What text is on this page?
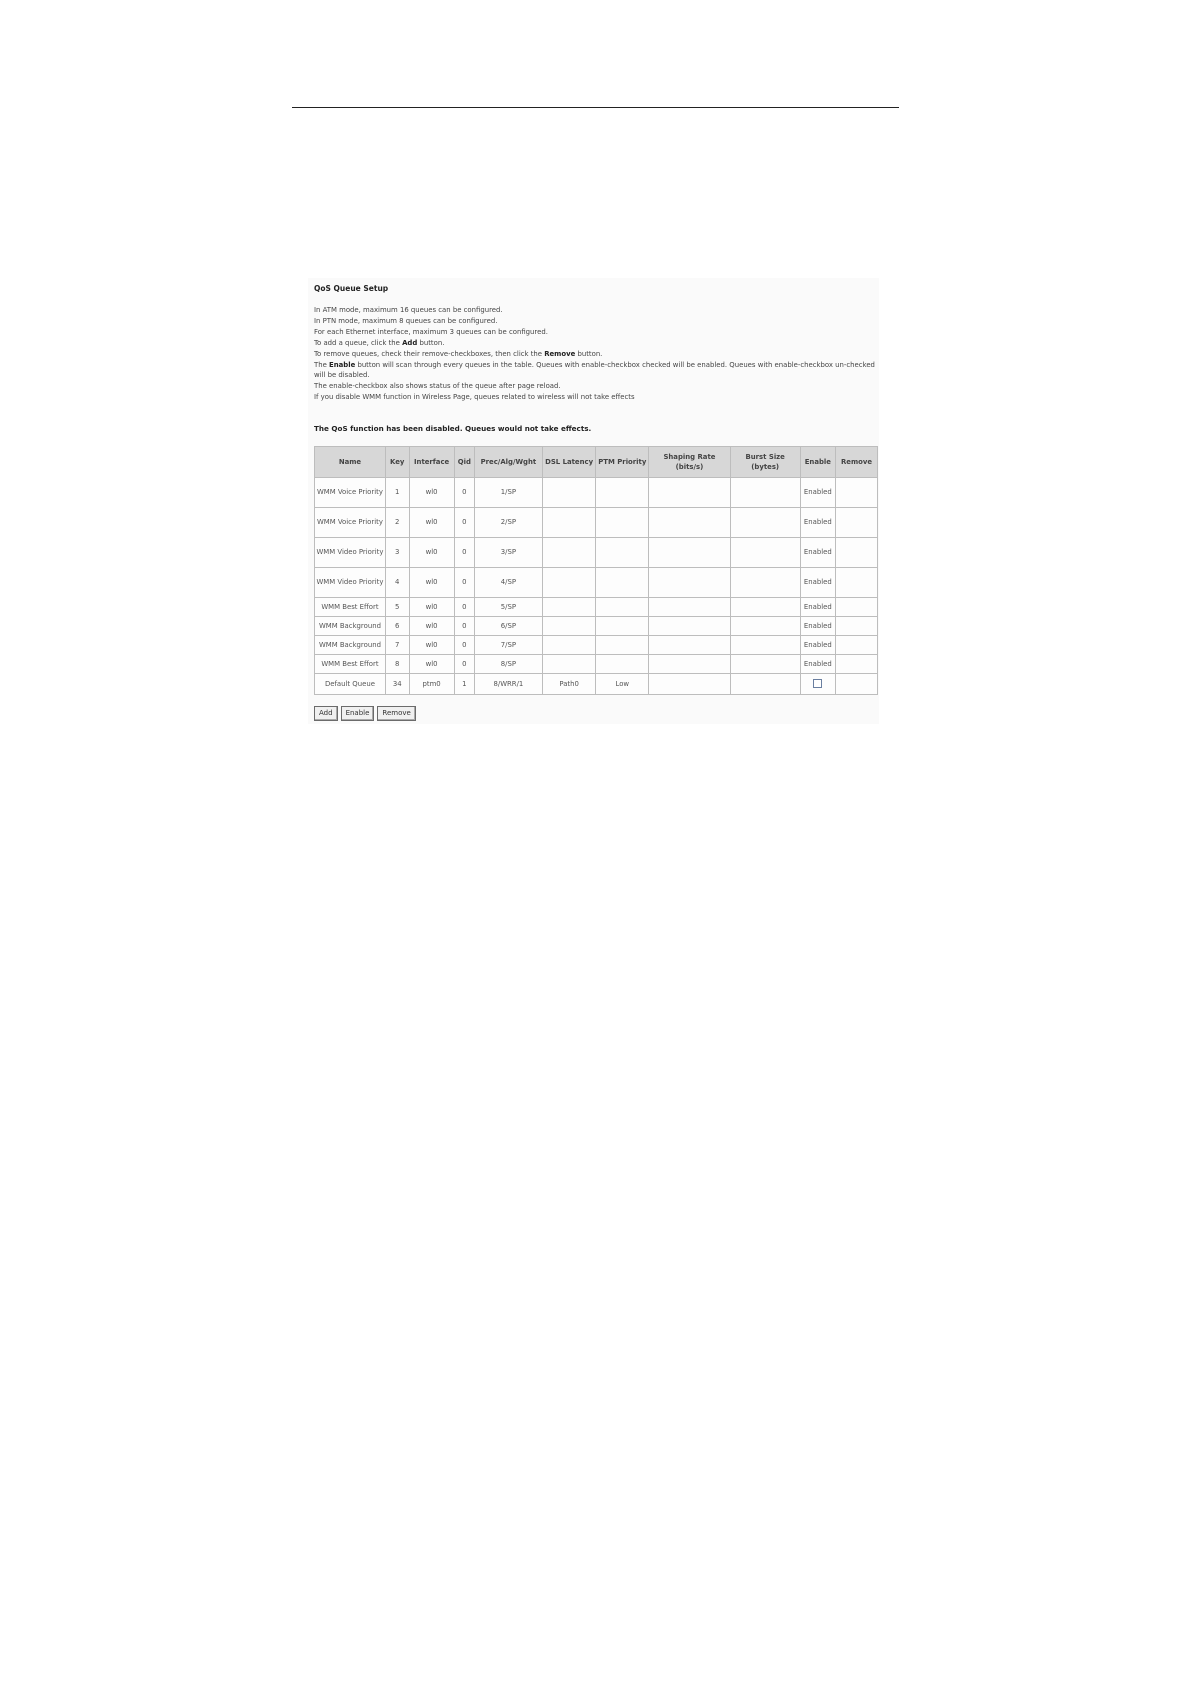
QoS Queue Setup

In ATM mode, maximum 16 queues can be configured.

In PTN mode, maximum 8 queues can be configured.

For each Ethernet interface, maximum 3 queues can be configured.

To add a queue, click the Add button.

To remove queues, check their remove-checkboxes, then click the Remove button.

The Enable button will scan through every queues in the table. Queues with enable-checkbox checked will be enabled. Queues with enable-checkbox un-checked will be disabled.

The enable-checkbox also shows status of the queue after page reload.

If you disable WMM function in Wireless Page, queues related to wireless will not take effects

The QoS function has been disabled. Queues would not take effects.
Name	Key	Interface	Qid	Prec/Alg/Wght	DSL Latency	PTM Priority	Shaping Rate (bits/s)	Burst Size (bytes)	Enable	Remove
WMM Voice Priority	1	wl0	0	1/SP					Enabled	
WMM Voice Priority	2	wl0	0	2/SP					Enabled	
WMM Video Priority	3	wl0	0	3/SP					Enabled	
WMM Video Priority	4	wl0	0	4/SP					Enabled	
WMM Best Effort	5	wl0	0	5/SP					Enabled	
WMM Background	6	wl0	0	6/SP					Enabled	
WMM Background	7	wl0	0	7/SP					Enabled	
WMM Best Effort	8	wl0	0	8/SP					Enabled	
Default Queue	34	ptm0	1	8/WRR/1	Path0	Low				
Add	Enable	Remove
